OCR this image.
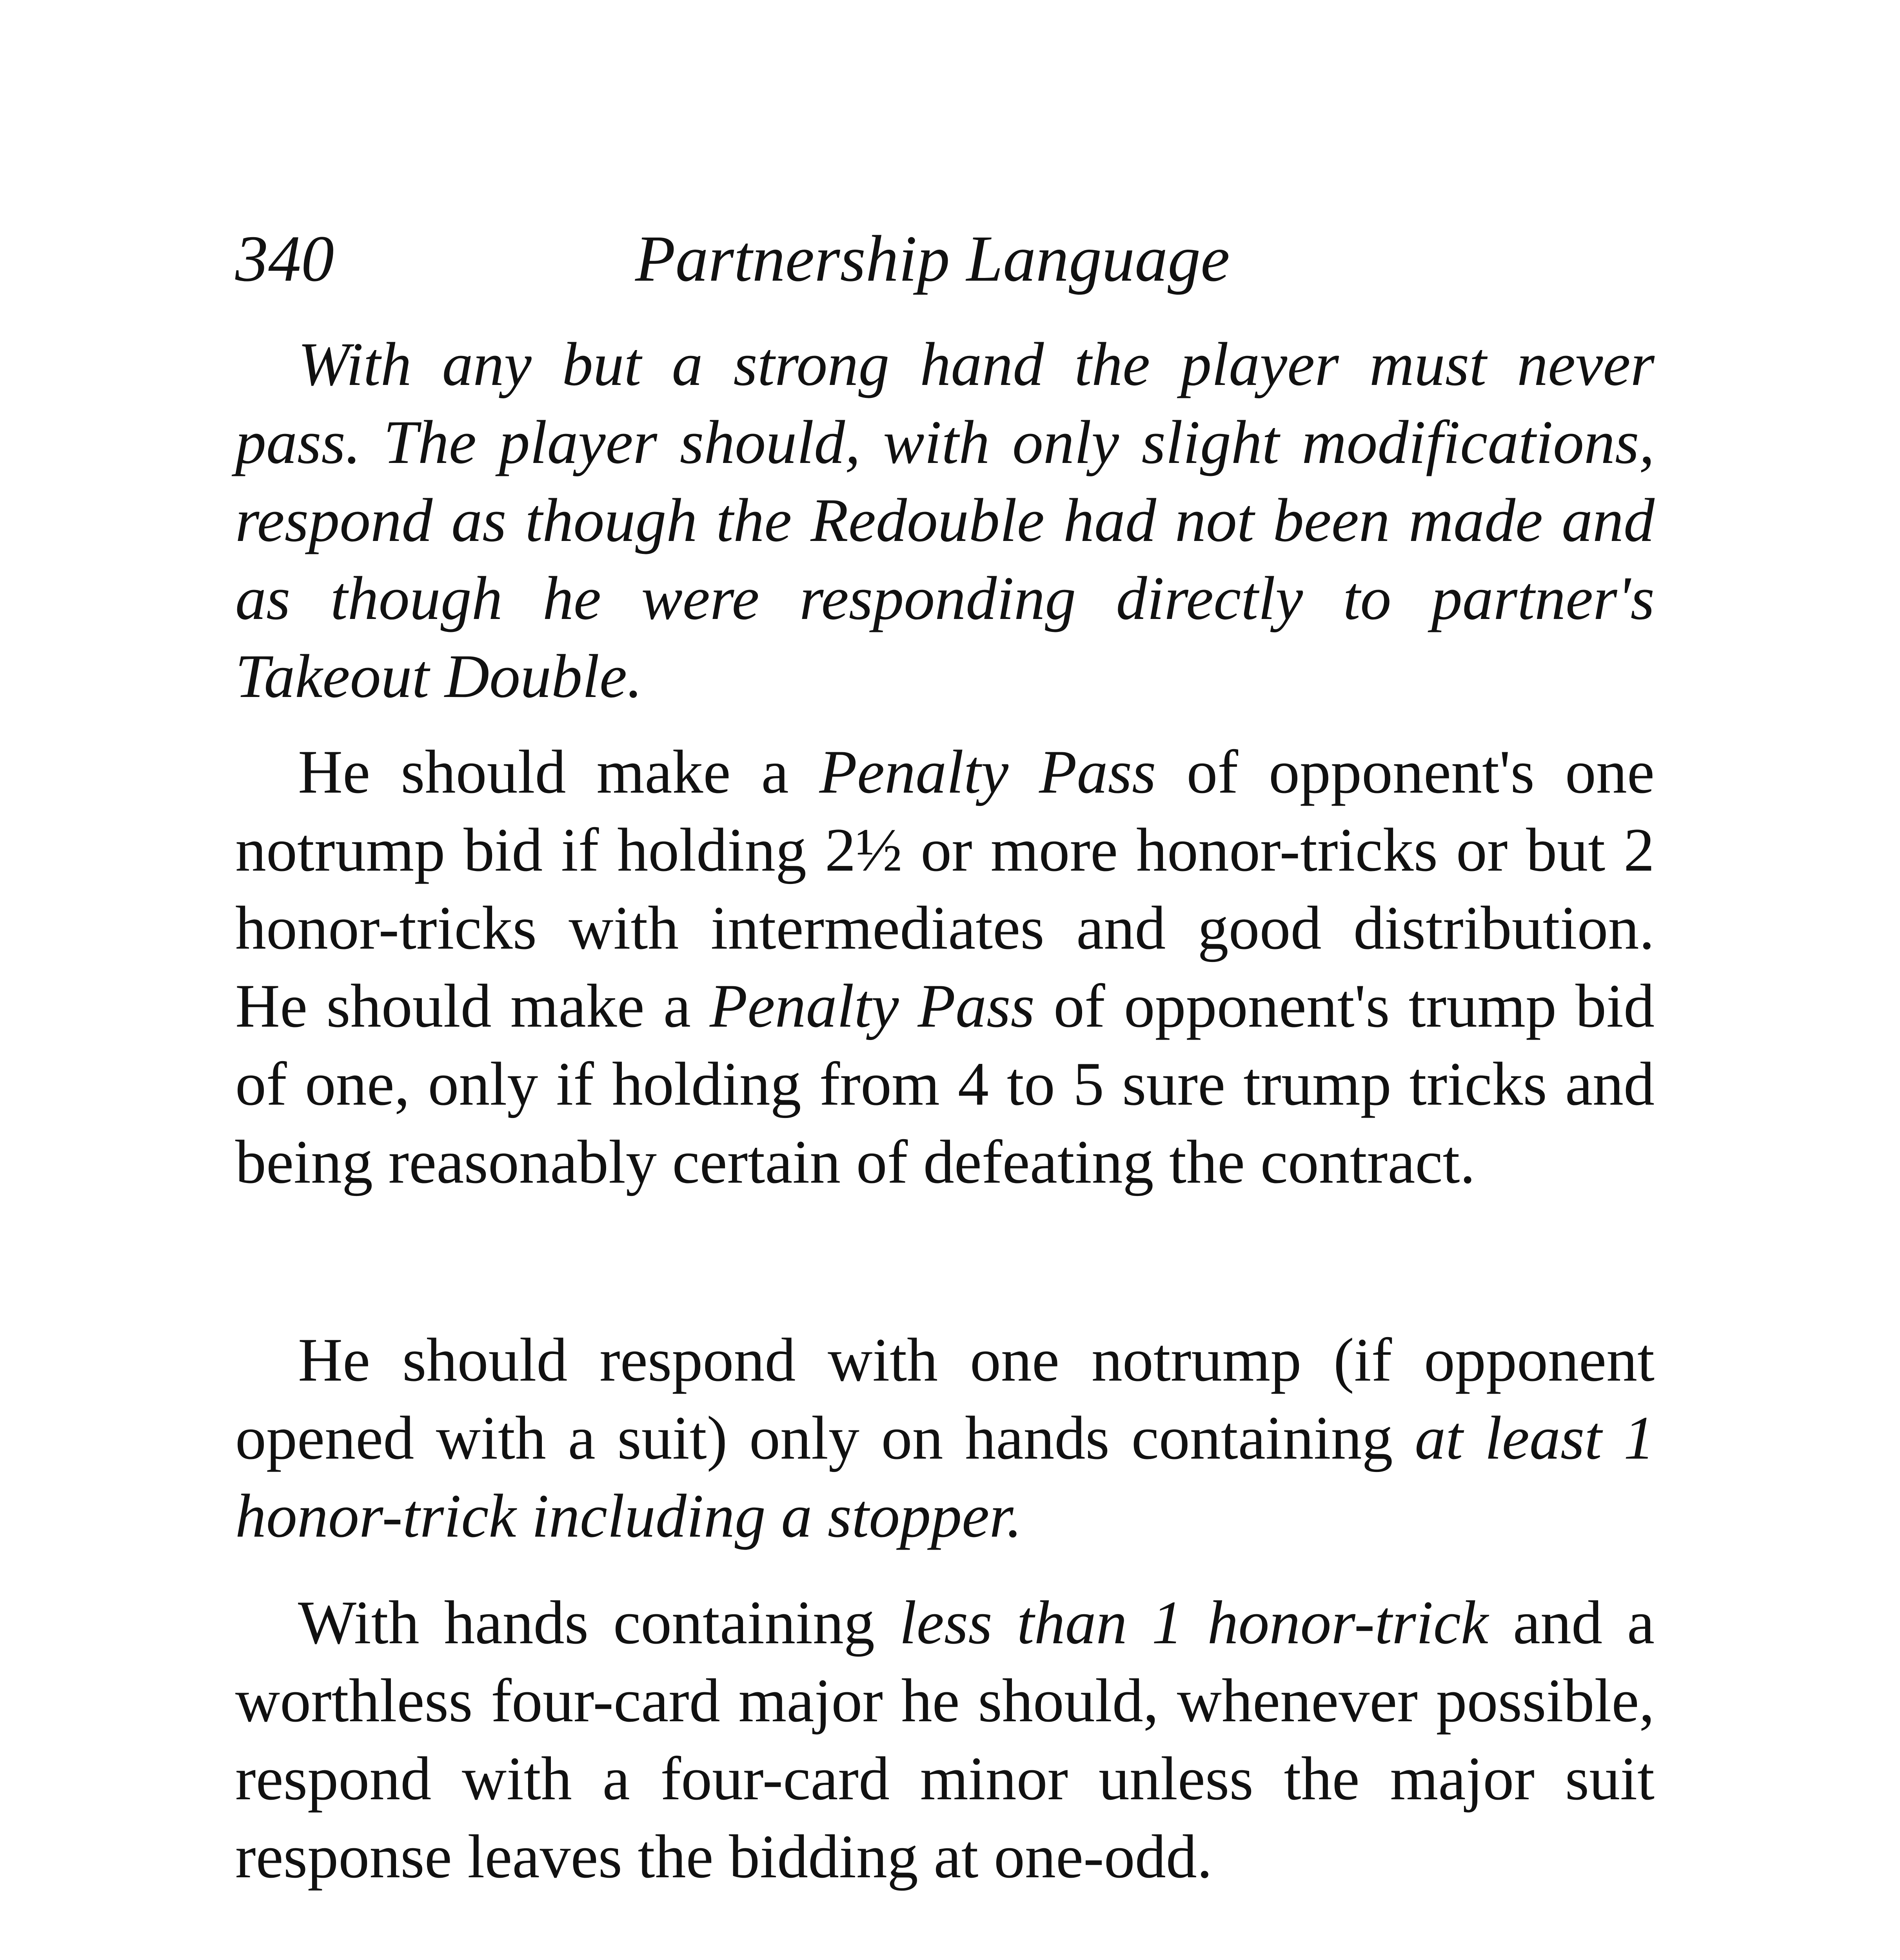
340	Partnership Language

With any but a strong hand the player must never pass. The player should, with only slight modifications, respond as though the Redouble had not been made and as though he were responding directly to partner's Takeout Double.

He should make a Penalty Pass of opponent's one notrump bid if holding 2½ or more honor-tricks or but 2 honor-tricks with intermediates and good distribution. He should make a Penalty Pass of opponent's trump bid of one, only if holding from 4 to 5 sure trump tricks and being reasonably certain of defeating the contract.

He should respond with one notrump (if opponent opened with a suit) only on hands containing at least 1 honor-trick including a stopper.

With hands containing less than 1 honor-trick and a worthless four-card major he should, whenever possible, respond with a four-card minor unless the major suit response leaves the bidding at one-odd.
